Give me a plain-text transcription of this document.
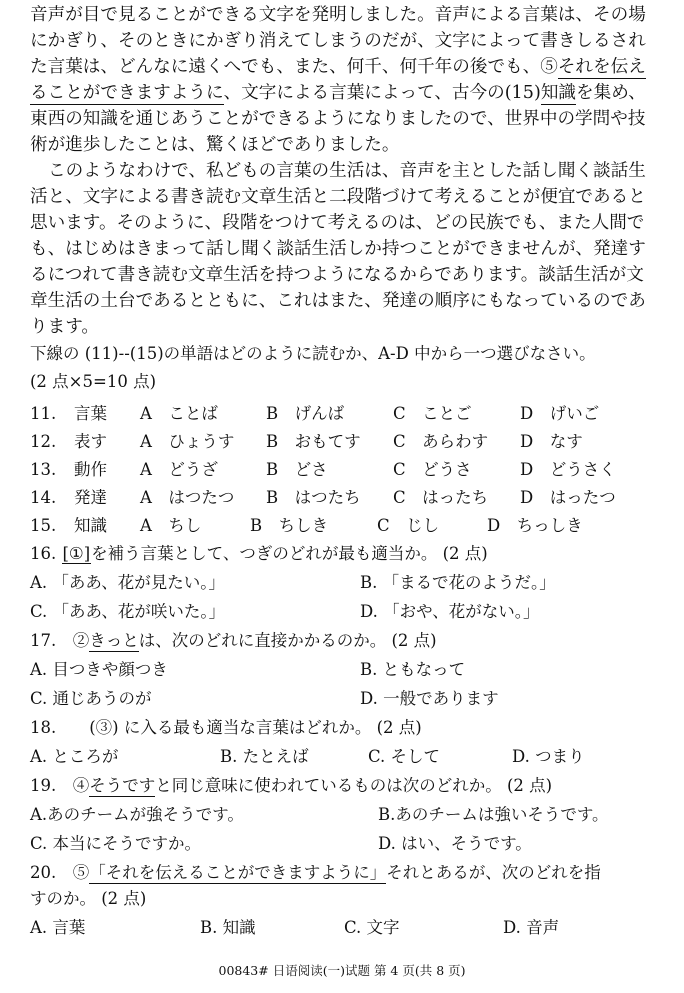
音声が目で見ることができる文字を発明しました。音声による言葉は、その場
にかぎり、そのときにかぎり消えてしまうのだが、文字によって書きしるされ
た言葉は、どんなに遠くへでも、また、何千、何千年の後でも、⑤それを伝え
ることができますように、文字による言葉によって、古今の(15)知識を集め、
東西の知識を通じあうことができるようになりましたので、世界中の学問や技
術が進歩したことは、驚くほどでありました。
このようなわけで、私どもの言葉の生活は、音声を主とした話し聞く談話生
活と、文字による書き読む文章生活と二段階づけて考えることが便宜であると
思います。そのように、段階をつけて考えるのは、どの民族でも、また人間で
も、はじめはきまって話し聞く談話生活しか持つことができませんが、発達す
るにつれて書き読む文章生活を持つようになるからであります。談話生活が文
章生活の土台であるとともに、これはまた、発達の順序にもなっているのであ
ります。
下線の (11)--(15)の単語はどのように読むか、A-D 中から一つ選びなさい。
(2 点×5=10 点)
11. 言葉 A　ことば	B　げんば	C　ことご	D　げいご
12. 表す A　ひょうす B　おもてす C　あらわす D　なす
13. 動作 A　どうざ	B　どさ	C　どうさ	D　どうさく
14. 発達 A　はつたつ B　はつたち C　はったち D　はったつ
15. 知識 A　ちし	B　ちしき	C　じし	D　ちっしき
16. [①]を補う言葉として、つぎのどれが最も適当か。 (2 点)
A. 「ああ、花が見たい。」	B. 「まるで花のようだ。」
C. 「ああ、花が咲いた。」	D. 「おや、花がない。」
17.　 ②きっとは、次のどれに直接かかるのか。 (2 点)
A. 目つきや顔つき	B. ともなって
C. 通じあうのが	D. 一般であります
18.　　 (③) に入る最も適当な言葉はどれか。 (2 点)
A. ところが	B. たとえば	C. そして	D. つまり
19.　 ④そうですと同じ意味に使われているものは次のどれか。 (2 点)
A.あのチームが強そうです。	B.あのチームは強いそうです。
C. 本当にそうですか。	D. はい、そうです。
20.　 ⑤「それを伝えることができますように」それとあるが、次のどれを指
すのか。 (2 点)
A. 言葉	B. 知識	C. 文字	D. 音声
00843# 日语阅读(一)试题 第 4 页(共 8 页)
